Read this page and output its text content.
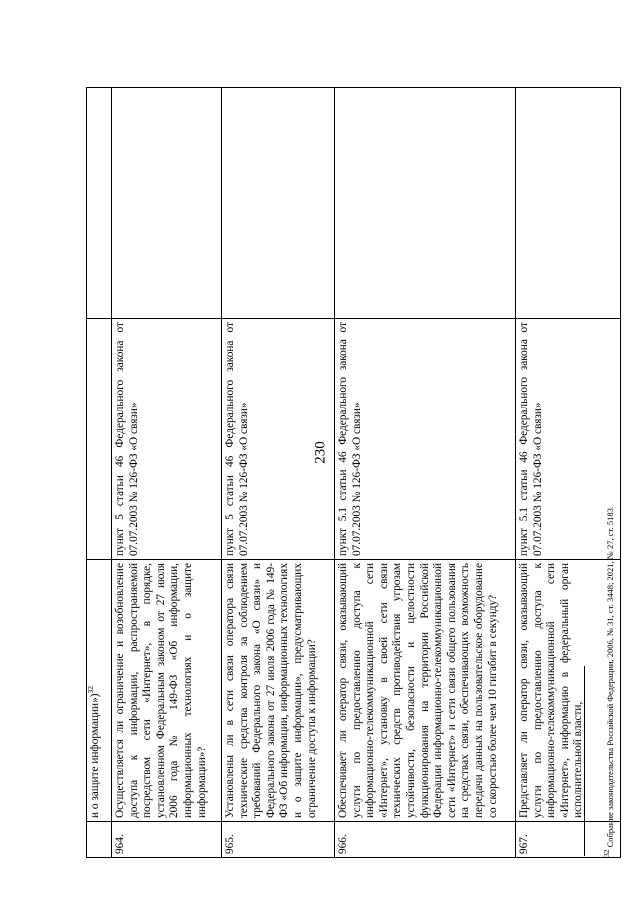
230
	и о защите информации»)$^{32}$		
964.	Осуществляется ли ограничение и возобновление доступа к информации, распространяемой посредством сети «Интернет», в порядке, установленном Федеральным законом от 27 июля 2006 года № 149-ФЗ «Об информации, информационных технологиях и о защите информации»?	пункт 5 статьи 46 Федерального закона от 07.07.2003 № 126-ФЗ «О связи»	
965.	Установлены ли в сети связи оператора связи технические средства контроля за соблюдением требований Федерального закона «О связи» и Федерального закона от 27 июля 2006 года № 149-ФЗ «Об информации, информационных технологиях и о защите информации», предусматривающих ограничение доступа к информации?	пункт 5 статьи 46 Федерального закона от 07.07.2003 № 126-ФЗ «О связи»	
966.	Обеспечивает ли оператор связи, оказывающий услуги по предоставлению доступа к информационно-телекоммуникационной сети «Интернет», установку в своей сети связи технических средств противодействия угрозам устойчивости, безопасности и целостности функционирования на территории Российской Федерации информационно-телекоммуникационной сети «Интернет» и сети связи общего пользования на средствах связи, обеспечивающих возможность передачи данных на пользовательское оборудование со скоростью более чем 10 гигабит в секунду?	пункт 5.1 статьи 46 Федерального закона от 07.07.2003 № 126-ФЗ «О связи»	
967.	Представляет ли оператор связи, оказывающий услуги по предоставлению доступа к информационно-телекоммуникационной сети «Интернет», информацию в федеральный орган исполнительной власти,	пункт 5.1 статьи 46 Федерального закона от 07.07.2003 № 126-ФЗ «О связи»	
$^{32}$ Собрание законодательства Российской Федерации, 2006, № 31, ст. 3448; 2021, № 27, ст. 5183.
